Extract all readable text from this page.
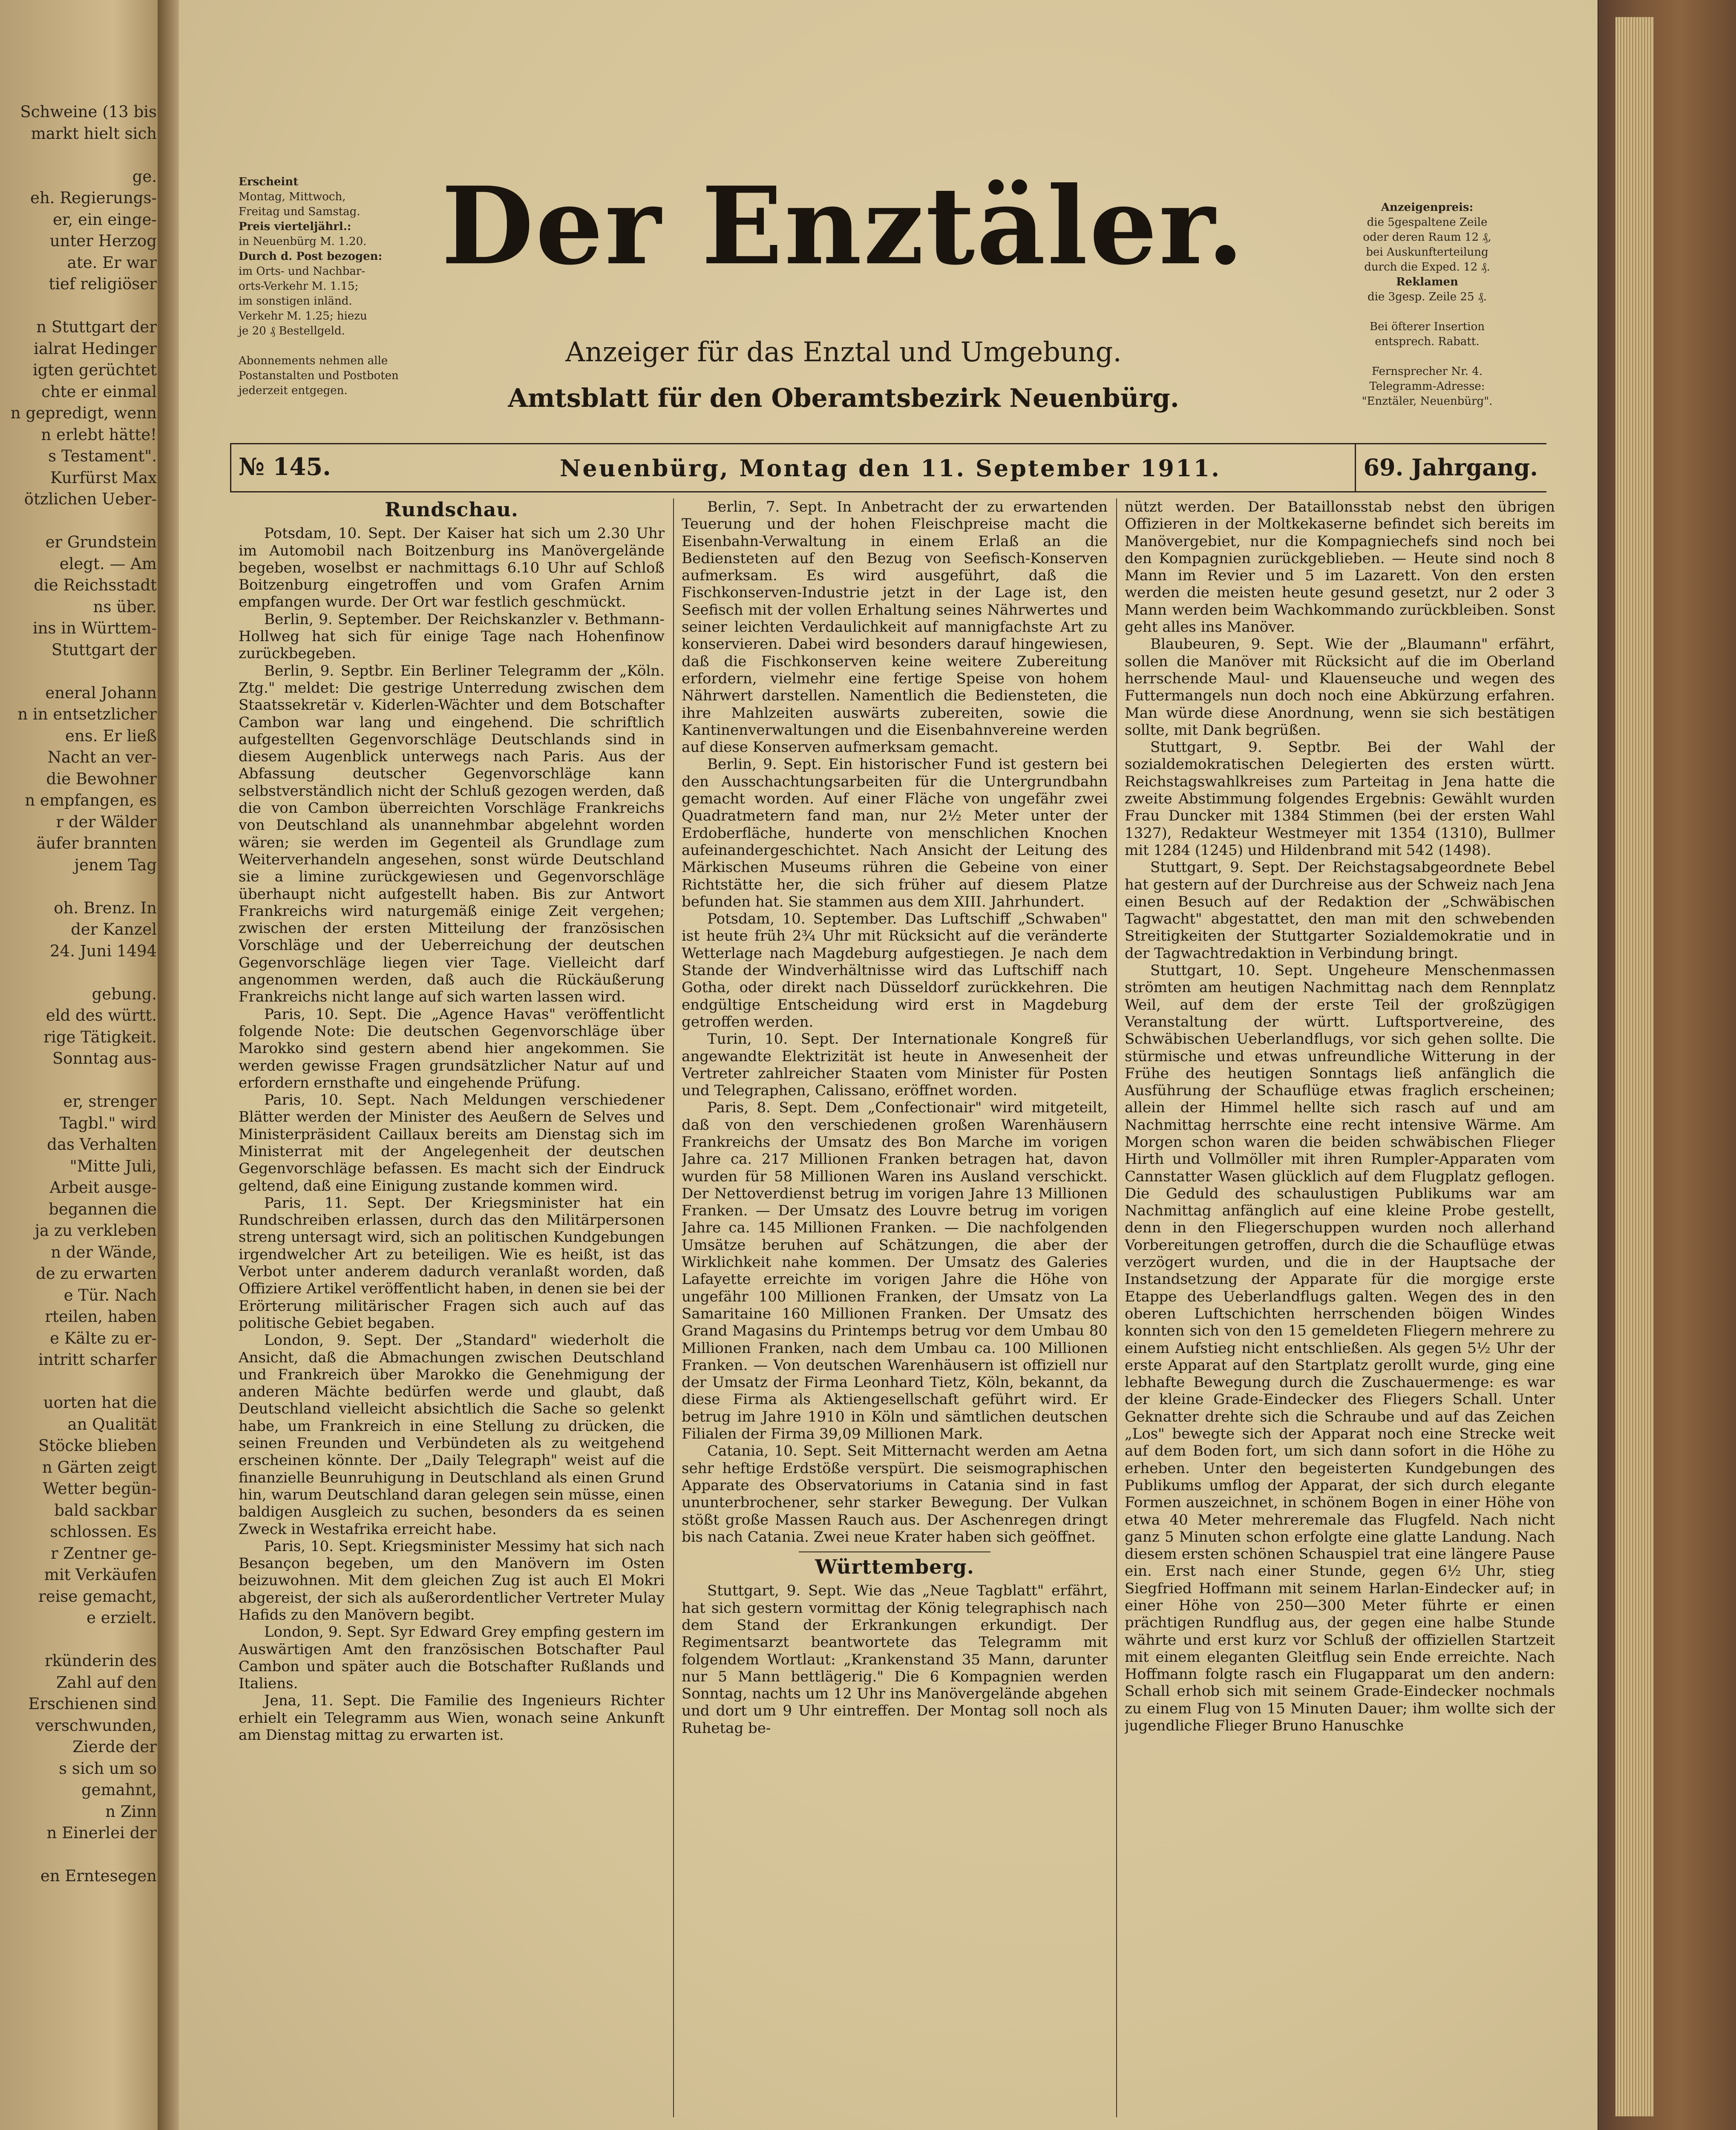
Schweine (13 bis
markt hielt sich

ge.
eh. Regierungs-
er, ein einge-
unter Herzog
ate. Er war
tief religiöser

n Stuttgart der
ialrat Hedinger
igten gerüchtet
chte er einmal
n gepredigt, wenn
n erlebt hätte!
s Testament".
Kurfürst Max
ötzlichen Ueber-

er Grundstein
elegt. — Am
die Reichsstadt
ns über.
ins in Württem-
Stuttgart der

eneral Johann
n in entsetzlicher
ens. Er ließ
Nacht an ver-
die Bewohner
n empfangen, es
r der Wälder
äufer brannten
jenem Tag

oh. Brenz. In
der Kanzel
24. Juni 1494

gebung.
eld des württ.
rige Tätigkeit.
Sonntag aus-

er, strenger
Tagbl." wird
das Verhalten
"Mitte Juli,
Arbeit ausge-
begannen die
ja zu verkleben
n der Wände,
de zu erwarten
e Tür. Nach
rteilen, haben
e Kälte zu er-
intritt scharfer

uorten hat die
an Qualität
Stöcke blieben
n Gärten zeigt
Wetter begün-
bald sackbar
schlossen. Es
r Zentner ge-
mit Verkäufen
reise gemacht,
e erzielt.

rkünderin des
Zahl auf den
Erschienen sind
verschwunden,
Zierde der
s sich um so
gemahnt,
n Zinn
n Einerlei der

en Erntesegen
Erscheint
Montag, Mittwoch,
Freitag und Samstag.
Preis vierteljährl.:
in Neuenbürg M. 1.20.
Durch d. Post bezogen:
im Orts- und Nachbar-
orts-Verkehr M. 1.15;
im sonstigen inländ.
Verkehr M. 1.25; hiezu
je 20 ₰ Bestellgeld.

Abonnements nehmen alle
Postanstalten und Postboten
jederzeit entgegen.
Der Enztäler.
Anzeiger für das Enztal und Umgebung.
Amtsblatt für den Oberamtsbezirk Neuenbürg.
Anzeigenpreis:
die 5gespaltene Zeile
oder deren Raum 12 ₰,
bei Auskunfterteilung
durch die Exped. 12 ₰.
Reklamen
die 3gesp. Zeile 25 ₰.

Bei öfterer Insertion
entsprech. Rabatt.

Fernsprecher Nr. 4.
Telegramm-Adresse:
"Enztäler, Neuenbürg".
№ 145.	Neuenbürg, Montag den 11. September 1911.	69. Jahrgang.
Rundschau.

Potsdam, 10. Sept. Der Kaiser hat sich um 2.30 Uhr im Automobil nach Boitzenburg ins Manövergelände begeben, woselbst er nachmittags 6.10 Uhr auf Schloß Boitzenburg eingetroffen und vom Grafen Arnim empfangen wurde. Der Ort war festlich geschmückt.

Berlin, 9. September. Der Reichskanzler v. Bethmann-Hollweg hat sich für einige Tage nach Hohenfinow zurückbegeben.

Berlin, 9. Septbr. Ein Berliner Telegramm der „Köln. Ztg." meldet: Die gestrige Unterredung zwischen dem Staatssekretär v. Kiderlen-Wächter und dem Botschafter Cambon war lang und eingehend. Die schriftlich aufgestellten Gegenvorschläge Deutschlands sind in diesem Augenblick unterwegs nach Paris. Aus der Abfassung deutscher Gegenvorschläge kann selbstverständlich nicht der Schluß gezogen werden, daß die von Cambon überreichten Vorschläge Frankreichs von Deutschland als unannehmbar abgelehnt worden wären; sie werden im Gegenteil als Grundlage zum Weiterverhandeln angesehen, sonst würde Deutschland sie a limine zurückgewiesen und Gegenvorschläge überhaupt nicht aufgestellt haben. Bis zur Antwort Frankreichs wird naturgemäß einige Zeit vergehen; zwischen der ersten Mitteilung der französischen Vorschläge und der Ueberreichung der deutschen Gegenvorschläge liegen vier Tage. Vielleicht darf angenommen werden, daß auch die Rückäußerung Frankreichs nicht lange auf sich warten lassen wird.

Paris, 10. Sept. Die „Agence Havas" veröffentlicht folgende Note: Die deutschen Gegenvorschläge über Marokko sind gestern abend hier angekommen. Sie werden gewisse Fragen grundsätzlicher Natur auf und erfordern ernsthafte und eingehende Prüfung.

Paris, 10. Sept. Nach Meldungen verschiedener Blätter werden der Minister des Aeußern de Selves und Ministerpräsident Caillaux bereits am Dienstag sich im Ministerrat mit der Angelegenheit der deutschen Gegenvorschläge befassen. Es macht sich der Eindruck geltend, daß eine Einigung zustande kommen wird.

Paris, 11. Sept. Der Kriegsminister hat ein Rundschreiben erlassen, durch das den Militärpersonen streng untersagt wird, sich an politischen Kundgebungen irgendwelcher Art zu beteiligen. Wie es heißt, ist das Verbot unter anderem dadurch veranlaßt worden, daß Offiziere Artikel veröffentlicht haben, in denen sie bei der Erörterung militärischer Fragen sich auch auf das politische Gebiet begaben.

London, 9. Sept. Der „Standard" wiederholt die Ansicht, daß die Abmachungen zwischen Deutschland und Frankreich über Marokko die Genehmigung der anderen Mächte bedürfen werde und glaubt, daß Deutschland vielleicht absichtlich die Sache so gelenkt habe, um Frankreich in eine Stellung zu drücken, die seinen Freunden und Verbündeten als zu weitgehend erscheinen könnte. Der „Daily Telegraph" weist auf die finanzielle Beunruhigung in Deutschland als einen Grund hin, warum Deutschland daran gelegen sein müsse, einen baldigen Ausgleich zu suchen, besonders da es seinen Zweck in Westafrika erreicht habe.

Paris, 10. Sept. Kriegsminister Messimy hat sich nach Besançon begeben, um den Manövern im Osten beizuwohnen. Mit dem gleichen Zug ist auch El Mokri abgereist, der sich als außerordentlicher Vertreter Mulay Hafids zu den Manövern begibt.

London, 9. Sept. Syr Edward Grey empfing gestern im Auswärtigen Amt den französischen Botschafter Paul Cambon und später auch die Botschafter Rußlands und Italiens.

Jena, 11. Sept. Die Familie des Ingenieurs Richter erhielt ein Telegramm aus Wien, wonach seine Ankunft am Dienstag mittag zu erwarten ist.

Berlin, 7. Sept. In Anbetracht der zu erwartenden Teuerung und der hohen Fleischpreise macht die Eisenbahn-Verwaltung in einem Erlaß an die Bediensteten auf den Bezug von Seefisch-Konserven aufmerksam. Es wird ausgeführt, daß die Fischkonserven-Industrie jetzt in der Lage ist, den Seefisch mit der vollen Erhaltung seines Nährwertes und seiner leichten Verdaulichkeit auf mannigfachste Art zu konservieren. Dabei wird besonders darauf hingewiesen, daß die Fischkonserven keine weitere Zubereitung erfordern, vielmehr eine fertige Speise von hohem Nährwert darstellen. Namentlich die Bediensteten, die ihre Mahlzeiten auswärts zubereiten, sowie die Kantinenverwaltungen und die Eisenbahnvereine werden auf diese Konserven aufmerksam gemacht.

Berlin, 9. Sept. Ein historischer Fund ist gestern bei den Ausschachtungsarbeiten für die Untergrundbahn gemacht worden. Auf einer Fläche von ungefähr zwei Quadratmetern fand man, nur 2½ Meter unter der Erdoberfläche, hunderte von menschlichen Knochen aufeinandergeschichtet. Nach Ansicht der Leitung des Märkischen Museums rühren die Gebeine von einer Richtstätte her, die sich früher auf diesem Platze befunden hat. Sie stammen aus dem XIII. Jahrhundert.

Potsdam, 10. September. Das Luftschiff „Schwaben" ist heute früh 2¾ Uhr mit Rücksicht auf die veränderte Wetterlage nach Magdeburg aufgestiegen. Je nach dem Stande der Windverhältnisse wird das Luftschiff nach Gotha, oder direkt nach Düsseldorf zurückkehren. Die endgültige Entscheidung wird erst in Magdeburg getroffen werden.

Turin, 10. Sept. Der Internationale Kongreß für angewandte Elektrizität ist heute in Anwesenheit der Vertreter zahlreicher Staaten vom Minister für Posten und Telegraphen, Calissano, eröffnet worden.

Paris, 8. Sept. Dem „Confectionair" wird mitgeteilt, daß von den verschiedenen großen Warenhäusern Frankreichs der Umsatz des Bon Marche im vorigen Jahre ca. 217 Millionen Franken betragen hat, davon wurden für 58 Millionen Waren ins Ausland verschickt. Der Nettoverdienst betrug im vorigen Jahre 13 Millionen Franken. — Der Umsatz des Louvre betrug im vorigen Jahre ca. 145 Millionen Franken. — Die nachfolgenden Umsätze beruhen auf Schätzungen, die aber der Wirklichkeit nahe kommen. Der Umsatz des Galeries Lafayette erreichte im vorigen Jahre die Höhe von ungefähr 100 Millionen Franken, der Umsatz von La Samaritaine 160 Millionen Franken. Der Umsatz des Grand Magasins du Printemps betrug vor dem Umbau 80 Millionen Franken, nach dem Umbau ca. 100 Millionen Franken. — Von deutschen Warenhäusern ist offiziell nur der Umsatz der Firma Leonhard Tietz, Köln, bekannt, da diese Firma als Aktiengesellschaft geführt wird. Er betrug im Jahre 1910 in Köln und sämtlichen deutschen Filialen der Firma 39,09 Millionen Mark.

Catania, 10. Sept. Seit Mitternacht werden am Aetna sehr heftige Erdstöße verspürt. Die seismographischen Apparate des Observatoriums in Catania sind in fast ununterbrochener, sehr starker Bewegung. Der Vulkan stößt große Massen Rauch aus. Der Aschenregen dringt bis nach Catania. Zwei neue Krater haben sich geöffnet.

Württemberg.

Stuttgart, 9. Sept. Wie das „Neue Tagblatt" erfährt, hat sich gestern vormittag der König telegraphisch nach dem Stand der Erkrankungen erkundigt. Der Regimentsarzt beantwortete das Telegramm mit folgendem Wortlaut: „Krankenstand 35 Mann, darunter nur 5 Mann bettlägerig." Die 6 Kompagnien werden Sonntag, nachts um 12 Uhr ins Manövergelände abgehen und dort um 9 Uhr eintreffen. Der Montag soll noch als Ruhetag be-

nützt werden. Der Bataillonsstab nebst den übrigen Offizieren in der Moltkekaserne befindet sich bereits im Manövergebiet, nur die Kompagniechefs sind noch bei den Kompagnien zurückgeblieben. — Heute sind noch 8 Mann im Revier und 5 im Lazarett. Von den ersten werden die meisten heute gesund gesetzt, nur 2 oder 3 Mann werden beim Wachkommando zurückbleiben. Sonst geht alles ins Manöver.

Blaubeuren, 9. Sept. Wie der „Blaumann" erfährt, sollen die Manöver mit Rücksicht auf die im Oberland herrschende Maul- und Klauenseuche und wegen des Futtermangels nun doch noch eine Abkürzung erfahren. Man würde diese Anordnung, wenn sie sich bestätigen sollte, mit Dank begrüßen.

Stuttgart, 9. Septbr. Bei der Wahl der sozialdemokratischen Delegierten des ersten württ. Reichstagswahlkreises zum Parteitag in Jena hatte die zweite Abstimmung folgendes Ergebnis: Gewählt wurden Frau Duncker mit 1384 Stimmen (bei der ersten Wahl 1327), Redakteur Westmeyer mit 1354 (1310), Bullmer mit 1284 (1245) und Hildenbrand mit 542 (1498).

Stuttgart, 9. Sept. Der Reichstagsabgeordnete Bebel hat gestern auf der Durchreise aus der Schweiz nach Jena einen Besuch auf der Redaktion der „Schwäbischen Tagwacht" abgestattet, den man mit den schwebenden Streitigkeiten der Stuttgarter Sozialdemokratie und in der Tagwachtredaktion in Verbindung bringt.

Stuttgart, 10. Sept. Ungeheure Menschenmassen strömten am heutigen Nachmittag nach dem Rennplatz Weil, auf dem der erste Teil der großzügigen Veranstaltung der württ. Luftsportvereine, des Schwäbischen Ueberlandflugs, vor sich gehen sollte. Die stürmische und etwas unfreundliche Witterung in der Frühe des heutigen Sonntags ließ anfänglich die Ausführung der Schauflüge etwas fraglich erscheinen; allein der Himmel hellte sich rasch auf und am Nachmittag herrschte eine recht intensive Wärme. Am Morgen schon waren die beiden schwäbischen Flieger Hirth und Vollmöller mit ihren Rumpler-Apparaten vom Cannstatter Wasen glücklich auf dem Flugplatz geflogen. Die Geduld des schaulustigen Publikums war am Nachmittag anfänglich auf eine kleine Probe gestellt, denn in den Fliegerschuppen wurden noch allerhand Vorbereitungen getroffen, durch die die Schauflüge etwas verzögert wurden, und die in der Hauptsache der Instandsetzung der Apparate für die morgige erste Etappe des Ueberlandflugs galten. Wegen des in den oberen Luftschichten herrschenden böigen Windes konnten sich von den 15 gemeldeten Fliegern mehrere zu einem Aufstieg nicht entschließen. Als gegen 5½ Uhr der erste Apparat auf den Startplatz gerollt wurde, ging eine lebhafte Bewegung durch die Zuschauermenge: es war der kleine Grade-Eindecker des Fliegers Schall. Unter Geknatter drehte sich die Schraube und auf das Zeichen „Los" bewegte sich der Apparat noch eine Strecke weit auf dem Boden fort, um sich dann sofort in die Höhe zu erheben. Unter den begeisterten Kundgebungen des Publikums umflog der Apparat, der sich durch elegante Formen auszeichnet, in schönem Bogen in einer Höhe von etwa 40 Meter mehreremale das Flugfeld. Nach nicht ganz 5 Minuten schon erfolgte eine glatte Landung. Nach diesem ersten schönen Schauspiel trat eine längere Pause ein. Erst nach einer Stunde, gegen 6½ Uhr, stieg Siegfried Hoffmann mit seinem Harlan-Eindecker auf; in einer Höhe von 250—300 Meter führte er einen prächtigen Rundflug aus, der gegen eine halbe Stunde währte und erst kurz vor Schluß der offiziellen Startzeit mit einem eleganten Gleitflug sein Ende erreichte. Nach Hoffmann folgte rasch ein Flugapparat um den andern: Schall erhob sich mit seinem Grade-Eindecker nochmals zu einem Flug von 15 Minuten Dauer; ihm wollte sich der jugendliche Flieger Bruno Hanuschke
